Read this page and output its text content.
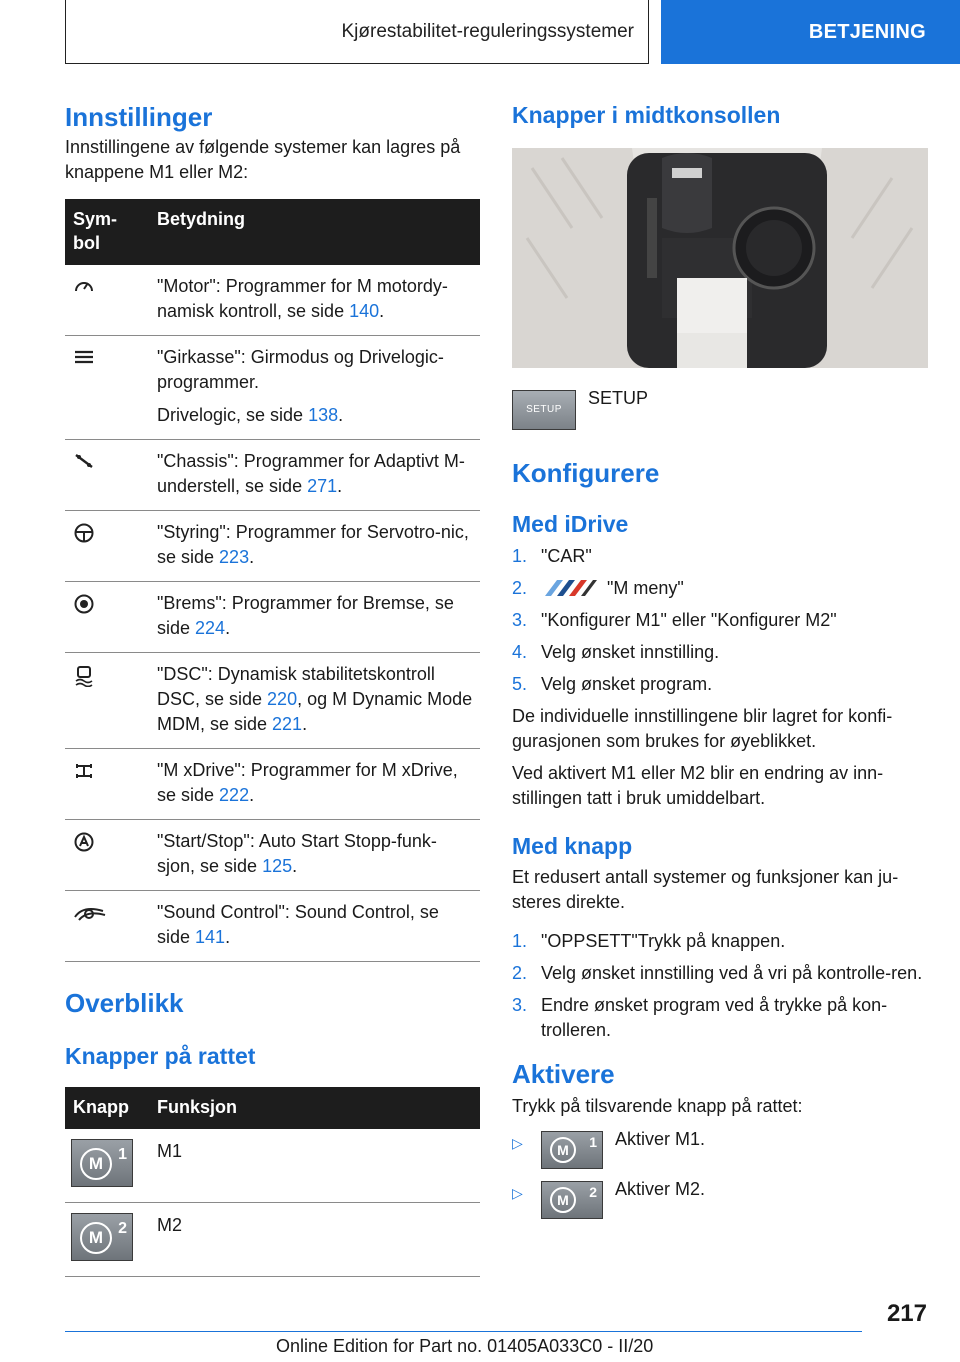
Kjørestabilitet-reguleringssystemer	BETJENING
Innstillinger

Innstillingene av følgende systemer kan lagres på knappene M1 eller M2:

Sym-
bol	Betydning

"Motor": Programmer for M motordy-namisk kontroll, se side 140.

"Girkasse": Girmodus og Drivelogic-programmer.

Drivelogic, se side 138.

"Chassis": Programmer for Adaptivt M-understell, se side 271.

"Styring": Programmer for Servotro-nic, se side 223.

"Brems": Programmer for Bremse, se side 224.

"DSC": Dynamisk stabilitetskontroll DSC, se side 220, og M Dynamic Mode MDM, se side 221.

"M xDrive": Programmer for M xDrive, se side 222.

"Start/Stop": Auto Start Stopp-funk-sjon, se side 125.

"Sound Control": Sound Control, se side 141.

Overblikk
Knapper på rattet
Knapp	Funksjon

M 1	M1

M 2	M2
Knapper i midtkonsollen
SETUP
SETUP
Konfigurere
Med iDrive
1. "CAR"
2.	"M meny"
3. "Konfigurer M1" eller "Konfigurer M2"
4. Velg ønsket innstilling.
5. Velg ønsket program.

De individuelle innstillingene blir lagret for konfi-gurasjonen som brukes for øyeblikket.

Ved aktivert M1 eller M2 blir en endring av inn-stillingen tatt i bruk umiddelbart.

Med knapp

Et redusert antall systemer og funksjoner kan ju-steres direkte.

1. "OPPSETT"Trykk på knappen.
2. Velg ønsket innstilling ved å vri på kontrolle-ren.
3. Endre ønsket program ved å trykke på kon-trolleren.
Aktivere

Trykk på tilsvarende knapp på rattet:

▷	M	1 Aktiver M1.
▷	M	2 Aktiver M2.
217
Online Edition for Part no. 01405A033C0 - II/20
